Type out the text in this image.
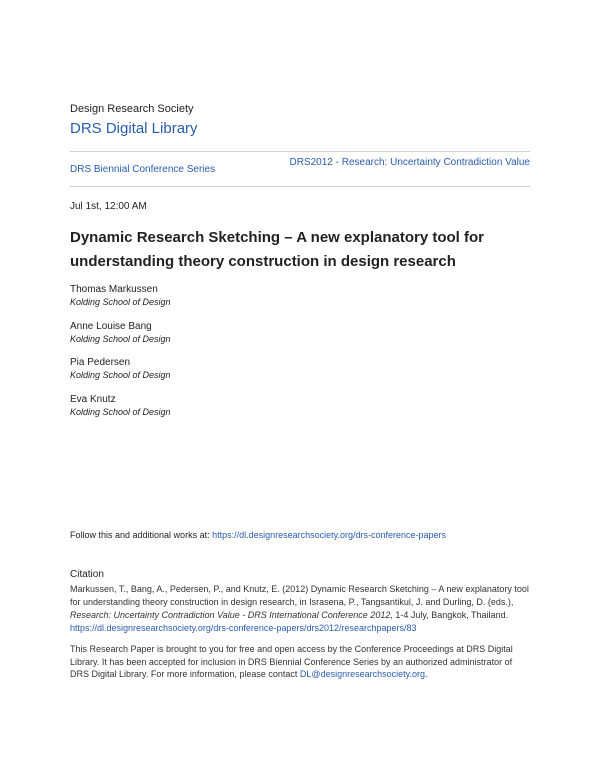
Design Research Society
DRS Digital Library
DRS Biennial Conference Series
DRS2012 - Research: Uncertainty Contradiction Value
Jul 1st, 12:00 AM
Dynamic Research Sketching – A new explanatory tool for understanding theory construction in design research
Thomas Markussen
Kolding School of Design
Anne Louise Bang
Kolding School of Design
Pia Pedersen
Kolding School of Design
Eva Knutz
Kolding School of Design
Follow this and additional works at: https://dl.designresearchsociety.org/drs-conference-papers
Citation
Markussen, T., Bang, A., Pedersen, P., and Knutz, E. (2012) Dynamic Research Sketching – A new explanatory tool for understanding theory construction in design research, in Israsena, P., Tangsantikul, J. and Durling, D. (eds.), Research: Uncertainty Contradiction Value - DRS International Conference 2012, 1-4 July, Bangkok, Thailand. https://dl.designresearchsociety.org/drs-conference-papers/drs2012/researchpapers/83
This Research Paper is brought to you for free and open access by the Conference Proceedings at DRS Digital Library. It has been accepted for inclusion in DRS Biennial Conference Series by an authorized administrator of DRS Digital Library. For more information, please contact DL@designresearchsociety.org.
